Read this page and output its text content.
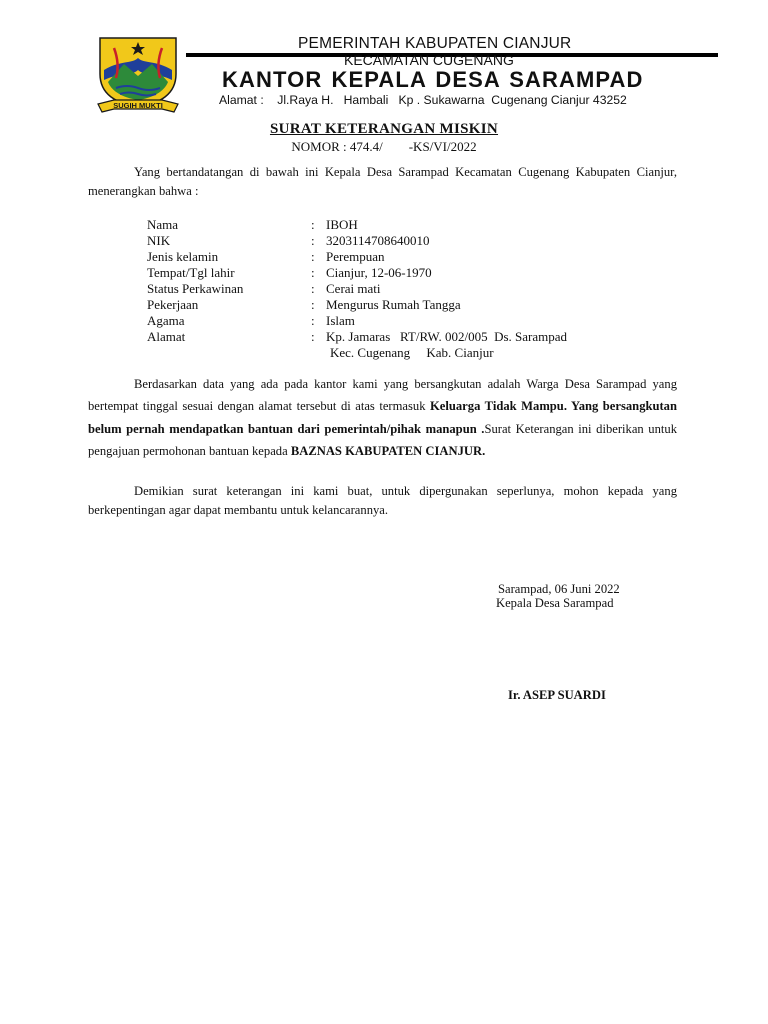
SUGIH MUKTI
PEMERINTAH KABUPATEN CIANJUR
KECAMATAN CUGENANG
KANTOR KEPALA DESA SARAMPAD
Alamat :    Jl.Raya H.   Hambali   Kp . Sukawarna  Cugenang Cianjur 43252
SURAT KETERANGAN MISKIN
NOMOR : 474.4/        -KS/VI/2022
Yang bertandatangan di bawah ini Kepala Desa Sarampad Kecamatan Cugenang Kabupaten Cianjur, menerangkan bahwa :
Nama	: IBOH
NIK	: 3203114708640010
Jenis kelamin	: Perempuan
Tempat/Tgl lahir	: Cianjur, 12-06-1970
Status Perkawinan	: Cerai mati
Pekerjaan	: Mengurus Rumah Tangga
Agama	: Islam
Alamat	: Kp. Jamaras   RT/RW. 002/005  Ds. Sarampad
Kec. Cugenang     Kab. Cianjur
Berdasarkan data yang ada pada kantor kami yang bersangkutan adalah Warga Desa Sarampad yang bertempat tinggal sesuai dengan alamat tersebut di atas termasuk Keluarga Tidak Mampu. Yang bersangkutan belum pernah mendapatkan bantuan dari pemerintah/pihak manapun .Surat Keterangan ini diberikan untuk pengajuan permohonan bantuan kepada BAZNAS KABUPATEN CIANJUR.
Demikian surat keterangan ini kami buat, untuk dipergunakan seperlunya, mohon kepada yang berkepentingan agar dapat membantu untuk kelancarannya.
Sarampad, 06 Juni 2022
Kepala Desa Sarampad
Ir. ASEP SUARDI
